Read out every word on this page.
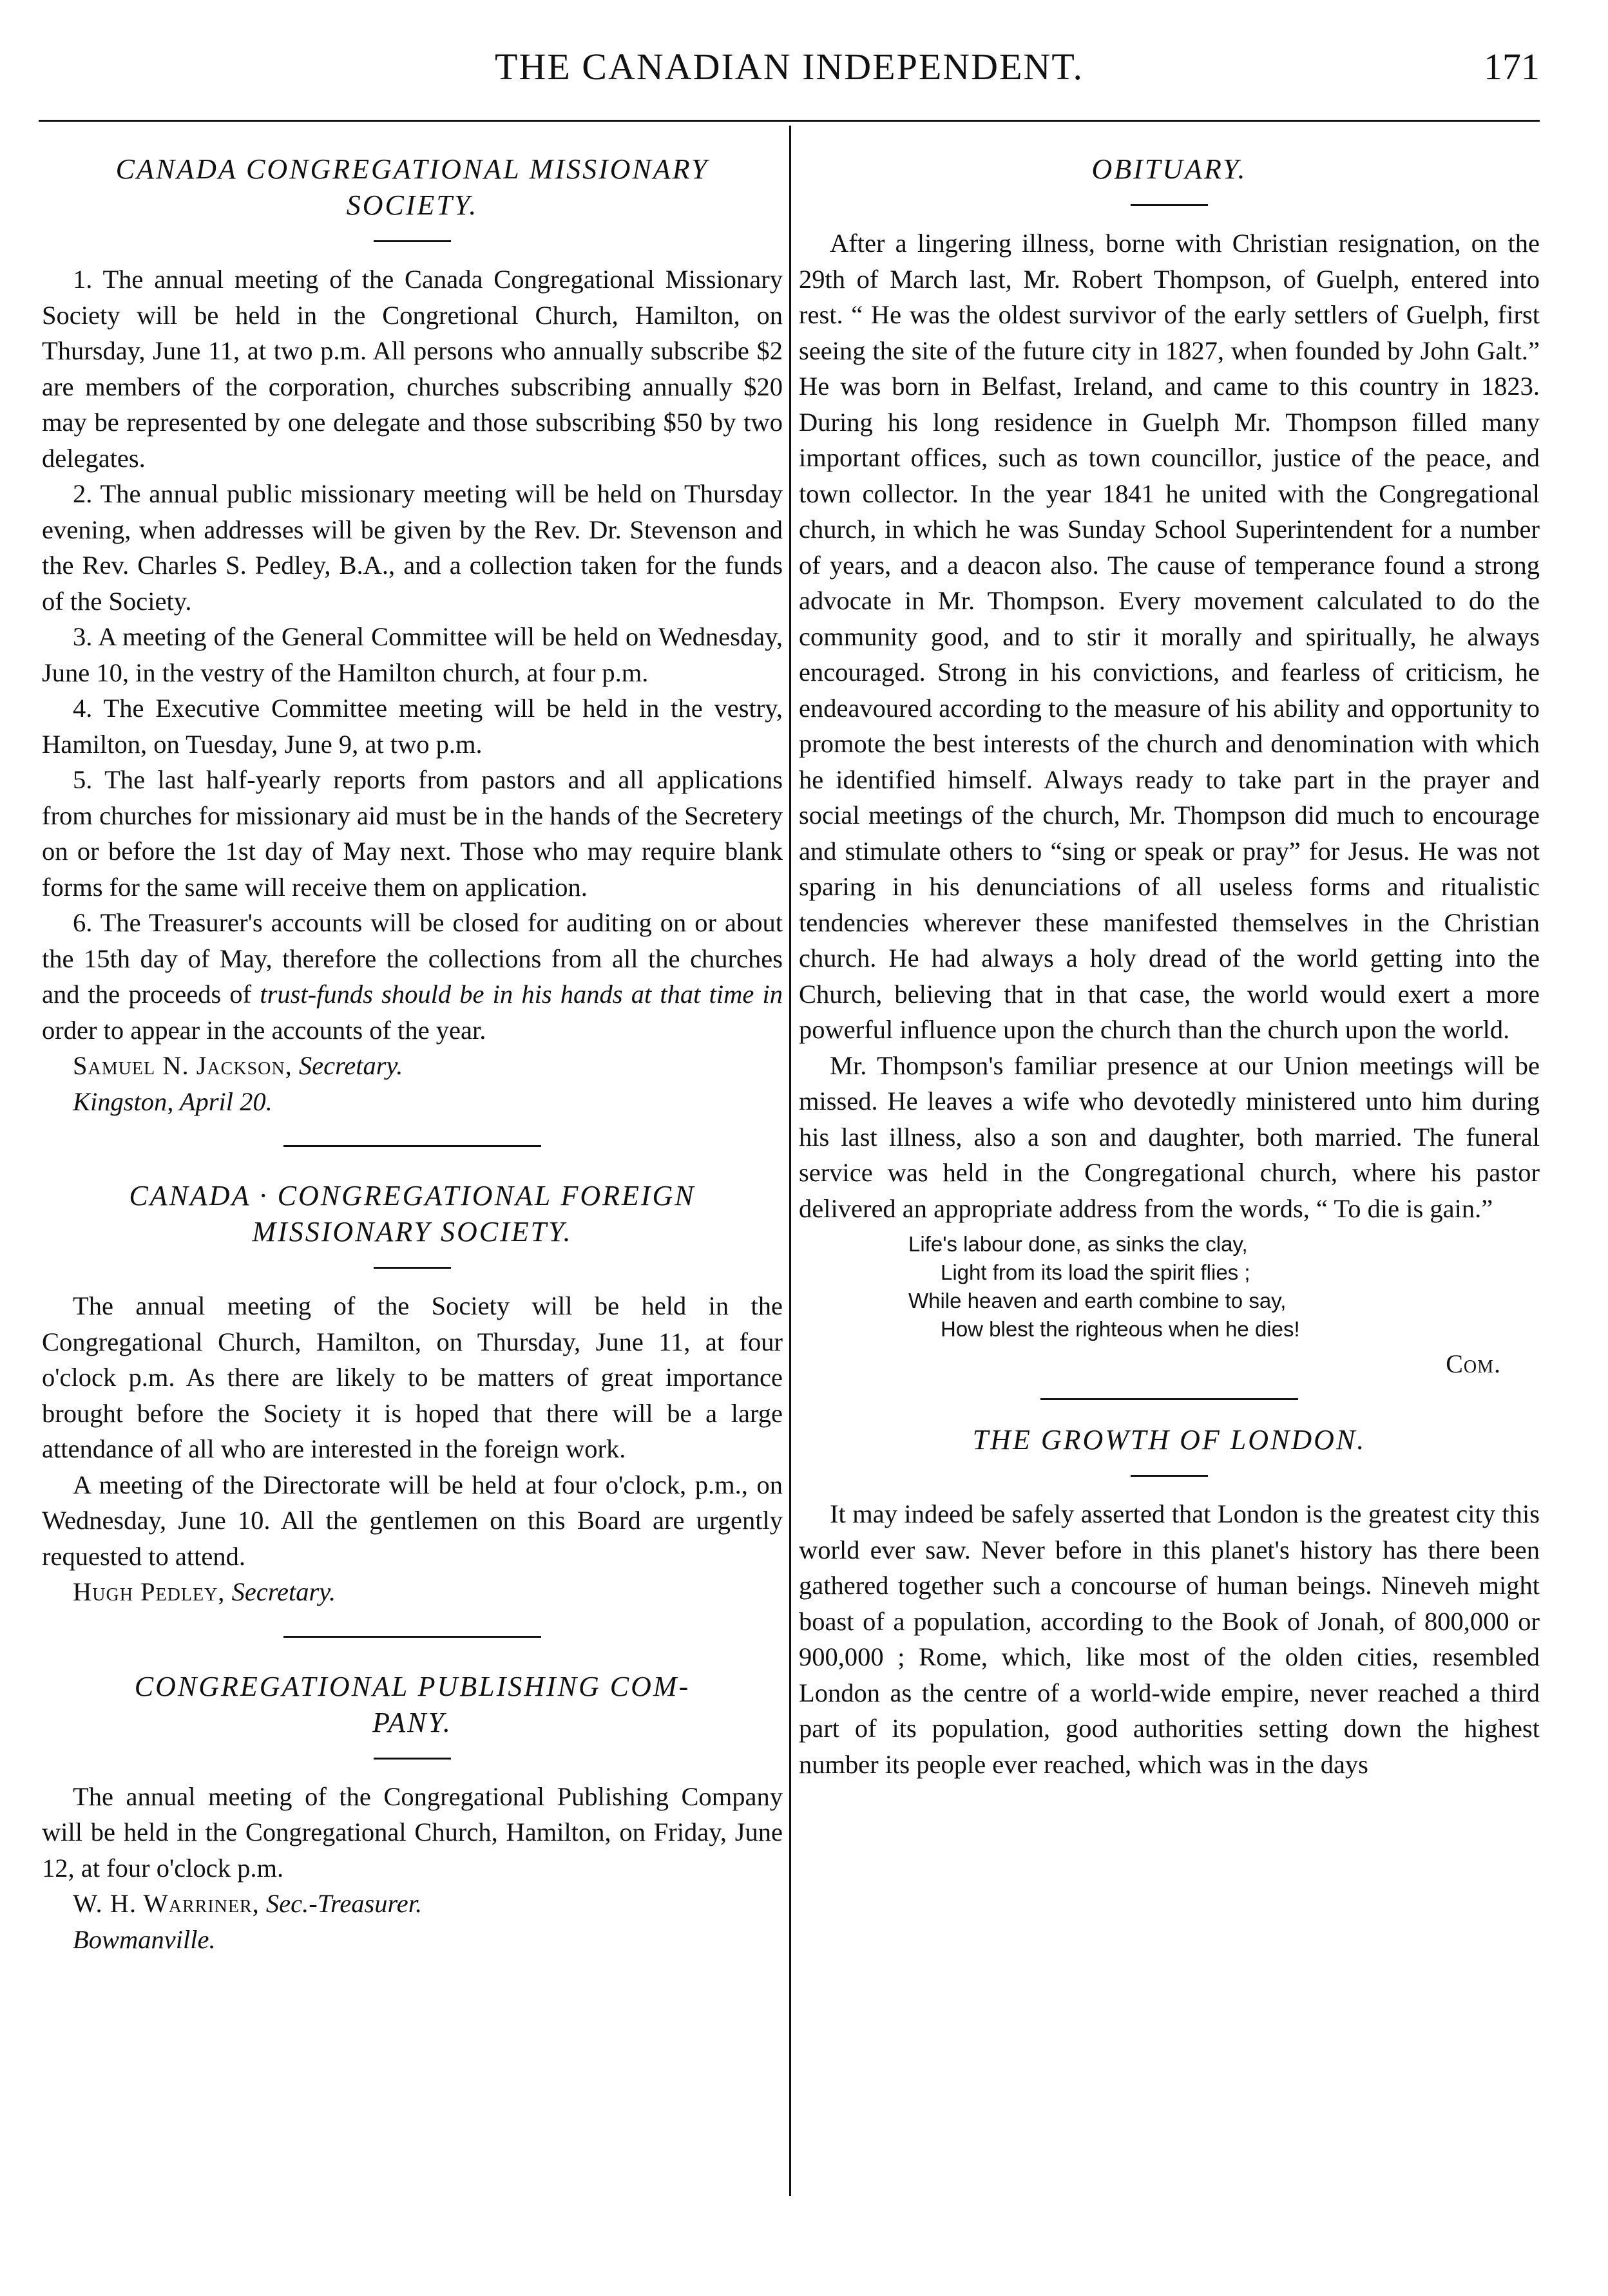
THE CANADIAN INDEPENDENT.	171
CANADA CONGREGATIONAL MISSIONARY
SOCIETY.

1. The annual meeting of the Canada Congregational Missionary Society will be held in the Congretional Church, Hamilton, on Thursday, June 11, at two p.m. All persons who annually subscribe $2 are members of the corporation, churches subscribing annually $20 may be represented by one delegate and those subscribing $50 by two delegates.

2. The annual public missionary meeting will be held on Thursday evening, when addresses will be given by the Rev. Dr. Stevenson and the Rev. Charles S. Pedley, B.A., and a collection taken for the funds of the Society.

3. A meeting of the General Committee will be held on Wednesday, June 10, in the vestry of the Hamilton church, at four p.m.

4. The Executive Committee meeting will be held in the vestry, Hamilton, on Tuesday, June 9, at two p.m.

5. The last half-yearly reports from pastors and all applications from churches for missionary aid must be in the hands of the Secretery on or before the 1st day of May next. Those who may require blank forms for the same will receive them on application.

6. The Treasurer's accounts will be closed for auditing on or about the 15th day of May, therefore the collections from all the churches and the proceeds of trust-funds should be in his hands at that time in order to appear in the accounts of the year.

Samuel N. Jackson, Secretary.

Kingston, April 20.

CANADA · CONGREGATIONAL FOREIGN
MISSIONARY SOCIETY.

The annual meeting of the Society will be held in the Congregational Church, Hamilton, on Thursday, June 11, at four o'clock p.m. As there are likely to be matters of great importance brought before the Society it is hoped that there will be a large attendance of all who are interested in the foreign work.

A meeting of the Directorate will be held at four o'clock, p.m., on Wednesday, June 10. All the gentlemen on this Board are urgently requested to attend.

Hugh Pedley, Secretary.

CONGREGATIONAL PUBLISHING COM-
PANY.

The annual meeting of the Congregational Publishing Company will be held in the Congregational Church, Hamilton, on Friday, June 12, at four o'clock p.m.

W. H. Warriner, Sec.-Treasurer.

Bowmanville.

OBITUARY.

After a lingering illness, borne with Christian resignation, on the 29th of March last, Mr. Robert Thompson, of Guelph, entered into rest. “ He was the oldest survivor of the early settlers of Guelph, first seeing the site of the future city in 1827, when founded by John Galt.” He was born in Belfast, Ireland, and came to this country in 1823. During his long residence in Guelph Mr. Thompson filled many important offices, such as town councillor, justice of the peace, and town collector. In the year 1841 he united with the Congregational church, in which he was Sunday School Superintendent for a number of years, and a deacon also. The cause of temperance found a strong advocate in Mr. Thompson. Every movement calculated to do the community good, and to stir it morally and spiritually, he always encouraged. Strong in his convictions, and fearless of criticism, he endeavoured according to the measure of his ability and opportunity to promote the best interests of the church and denomination with which he identified himself. Always ready to take part in the prayer and social meetings of the church, Mr. Thompson did much to encourage and stimulate others to “sing or speak or pray” for Jesus. He was not sparing in his denunciations of all useless forms and ritualistic tendencies wherever these manifested themselves in the Christian church. He had always a holy dread of the world getting into the Church, believing that in that case, the world would exert a more powerful influence upon the church than the church upon the world.

Mr. Thompson's familiar presence at our Union meetings will be missed. He leaves a wife who devotedly ministered unto him during his last illness, also a son and daughter, both married. The funeral service was held in the Congregational church, where his pastor delivered an appropriate address from the words, “ To die is gain.”

Life's labour done, as sinks the clay,
Light from its load the spirit flies ;
While heaven and earth combine to say,
How blest the righteous when he dies!
Com.
THE GROWTH OF LONDON.

It may indeed be safely asserted that London is the greatest city this world ever saw. Never before in this planet's history has there been gathered together such a concourse of human beings. Nineveh might boast of a population, according to the Book of Jonah, of 800,000 or 900,000 ; Rome, which, like most of the olden cities, resembled London as the centre of a world-wide empire, never reached a third part of its population, good authorities setting down the highest number its people ever reached, which was in the days
